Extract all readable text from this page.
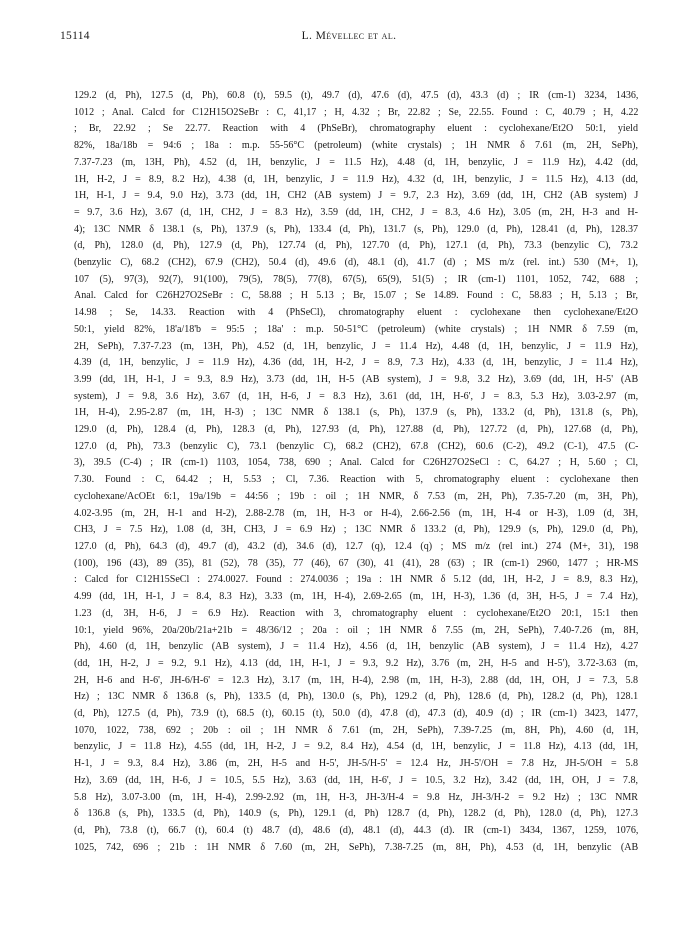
15114	L. Mévellec et al.
129.2 (d, Ph), 127.5 (d, Ph), 60.8 (t), 59.5 (t), 49.7 (d), 47.6 (d), 47.5 (d), 43.3 (d) ; IR (cm-1) 3234, 1436,
1012 ; Anal. Calcd for C12H15O2SeBr : C, 41,17 ; H, 4.32 ; Br, 22.82 ; Se, 22.55. Found : C, 40.79 ; H, 4.22
; Br, 22.92 ; Se 22.77. Reaction with 4 (PhSeBr), chromatography eluent : cyclohexane/Et2O 50:1, yield
82%, 18a/18b = 94:6 ; 18a : m.p. 55-56°C (petroleum) (white crystals) ; 1H NMR δ 7.61 (m, 2H, SePh),
7.37-7.23 (m, 13H, Ph), 4.52 (d, 1H, benzylic, J = 11.5 Hz), 4.48 (d, 1H, benzylic, J = 11.9 Hz), 4.42 (dd,
1H, H-2, J = 8.9, 8.2 Hz), 4.38 (d, 1H, benzylic, J = 11.9 Hz), 4.32 (d, 1H, benzylic, J = 11.5 Hz), 4.13 (dd,
1H, H-1, J = 9.4, 9.0 Hz), 3.73 (dd, 1H, CH2 (AB system) J = 9.7, 2.3 Hz), 3.69 (dd, 1H, CH2 (AB system) J
= 9.7, 3.6 Hz), 3.67 (d, 1H, CH2, J = 8.3 Hz), 3.59 (dd, 1H, CH2, J = 8.3, 4.6 Hz), 3.05 (m, 2H, H-3 and H-
4); 13C NMR δ 138.1 (s, Ph), 137.9 (s, Ph), 133.4 (d, Ph), 131.7 (s, Ph), 129.0 (d, Ph), 128.41 (d, Ph), 128.37
(d, Ph), 128.0 (d, Ph), 127.9 (d, Ph), 127.74 (d, Ph), 127.70 (d, Ph), 127.1 (d, Ph), 73.3 (benzylic C), 73.2
(benzylic C), 68.2 (CH2), 67.9 (CH2), 50.4 (d), 49.6 (d), 48.1 (d), 41.7 (d) ; MS m/z (rel. int.) 530 (M+, 1),
107 (5), 97(3), 92(7), 91(100), 79(5), 78(5), 77(8), 67(5), 65(9), 51(5) ; IR (cm-1) 1101, 1052, 742, 688 ;
Anal. Calcd for C26H27O2SeBr : C, 58.88 ; H 5.13 ; Br, 15.07 ; Se 14.89. Found : C, 58.83 ; H, 5.13 ; Br,
14.98 ; Se, 14.33. Reaction with 4 (PhSeCl), chromatography eluent : cyclohexane then cyclohexane/Et2O
50:1, yield 82%, 18'a/18'b = 95:5 ; 18a' : m.p. 50-51°C (petroleum) (white crystals) ; 1H NMR δ 7.59 (m,
2H, SePh), 7.37-7.23 (m, 13H, Ph), 4.52 (d, 1H, benzylic, J = 11.4 Hz), 4.48 (d, 1H, benzylic, J = 11.9 Hz),
4.39 (d, 1H, benzylic, J = 11.9 Hz), 4.36 (dd, 1H, H-2, J = 8.9, 7.3 Hz), 4.33 (d, 1H, benzylic, J = 11.4 Hz),
3.99 (dd, 1H, H-1, J = 9.3, 8.9 Hz), 3.73 (dd, 1H, H-5 (AB system), J = 9.8, 3.2 Hz), 3.69 (dd, 1H, H-5' (AB
system), J = 9.8, 3.6 Hz), 3.67 (d, 1H, H-6, J = 8.3 Hz), 3.61 (dd, 1H, H-6', J = 8.3, 5.3 Hz), 3.03-2.97 (m,
1H, H-4), 2.95-2.87 (m, 1H, H-3) ; 13C NMR δ 138.1 (s, Ph), 137.9 (s, Ph), 133.2 (d, Ph), 131.8 (s, Ph),
129.0 (d, Ph), 128.4 (d, Ph), 128.3 (d, Ph), 127.93 (d, Ph), 127.88 (d, Ph), 127.72 (d, Ph), 127.68 (d, Ph),
127.0 (d, Ph), 73.3 (benzylic C), 73.1 (benzylic C), 68.2 (CH2), 67.8 (CH2), 60.6 (C-2), 49.2 (C-1), 47.5 (C-
3), 39.5 (C-4) ; IR (cm-1) 1103, 1054, 738, 690 ; Anal. Calcd for C26H27O2SeCl : C, 64.27 ; H, 5.60 ; Cl,
7.30. Found : C, 64.42 ; H, 5.53 ; Cl, 7.36. Reaction with 5, chromatography eluent : cyclohexane then
cyclohexane/AcOEt 6:1, 19a/19b = 44:56 ; 19b : oil ; 1H NMR, δ 7.53 (m, 2H, Ph), 7.35-7.20 (m, 3H, Ph),
4.02-3.95 (m, 2H, H-1 and H-2), 2.88-2.78 (m, 1H, H-3 or H-4), 2.66-2.56 (m, 1H, H-4 or H-3), 1.09 (d, 3H,
CH3, J = 7.5 Hz), 1.08 (d, 3H, CH3, J = 6.9 Hz) ; 13C NMR δ 133.2 (d, Ph), 129.9 (s, Ph), 129.0 (d, Ph),
127.0 (d, Ph), 64.3 (d), 49.7 (d), 43.2 (d), 34.6 (d), 12.7 (q), 12.4 (q) ; MS m/z (rel int.) 274 (M+, 31), 198
(100), 196 (43), 89 (35), 81 (52), 78 (35), 77 (46), 67 (30), 41 (41), 28 (63) ; IR (cm-1) 2960, 1477 ; HR-MS
: Calcd for C12H15SeCl : 274.0027. Found : 274.0036 ; 19a : 1H NMR δ 5.12 (dd, 1H, H-2, J = 8.9, 8.3 Hz),
4.99 (dd, 1H, H-1, J = 8.4, 8.3 Hz), 3.33 (m, 1H, H-4), 2.69-2.65 (m, 1H, H-3), 1.36 (d, 3H, H-5, J = 7.4 Hz),
1.23 (d, 3H, H-6, J = 6.9 Hz). Reaction with 3, chromatography eluent : cyclohexane/Et2O 20:1, 15:1 then
10:1, yield 96%, 20a/20b/21a+21b = 48/36/12 ; 20a : oil ; 1H NMR δ 7.55 (m, 2H, SePh), 7.40-7.26 (m, 8H,
Ph), 4.60 (d, 1H, benzylic (AB system), J = 11.4 Hz), 4.56 (d, 1H, benzylic (AB system), J = 11.4 Hz), 4.27
(dd, 1H, H-2, J = 9.2, 9.1 Hz), 4.13 (dd, 1H, H-1, J = 9.3, 9.2 Hz), 3.76 (m, 2H, H-5 and H-5'), 3.72-3.63 (m,
2H, H-6 and H-6', JH-6/H-6' = 12.3 Hz), 3.17 (m, 1H, H-4), 2.98 (m, 1H, H-3), 2.88 (dd, 1H, OH, J = 7.3, 5.8
Hz) ; 13C NMR δ 136.8 (s, Ph), 133.5 (d, Ph), 130.0 (s, Ph), 129.2 (d, Ph), 128.6 (d, Ph), 128.2 (d, Ph), 128.1
(d, Ph), 127.5 (d, Ph), 73.9 (t), 68.5 (t), 60.15 (t), 50.0 (d), 47.8 (d), 47.3 (d), 40.9 (d) ; IR (cm-1) 3423, 1477,
1070, 1022, 738, 692 ; 20b : oil ; 1H NMR δ 7.61 (m, 2H, SePh), 7.39-7.25 (m, 8H, Ph), 4.60 (d, 1H,
benzylic, J = 11.8 Hz), 4.55 (dd, 1H, H-2, J = 9.2, 8.4 Hz), 4.54 (d, 1H, benzylic, J = 11.8 Hz), 4.13 (dd, 1H,
H-1, J = 9.3, 8.4 Hz), 3.86 (m, 2H, H-5 and H-5', JH-5/H-5' = 12.4 Hz, JH-5'/OH = 7.8 Hz, JH-5/OH = 5.8
Hz), 3.69 (dd, 1H, H-6, J = 10.5, 5.5 Hz), 3.63 (dd, 1H, H-6', J = 10.5, 3.2 Hz), 3.42 (dd, 1H, OH, J = 7.8,
5.8 Hz), 3.07-3.00 (m, 1H, H-4), 2.99-2.92 (m, 1H, H-3, JH-3/H-4 = 9.8 Hz, JH-3/H-2 = 9.2 Hz) ; 13C NMR
δ 136.8 (s, Ph), 133.5 (d, Ph), 140.9 (s, Ph), 129.1 (d, Ph) 128.7 (d, Ph), 128.2 (d, Ph), 128.0 (d, Ph), 127.3
(d, Ph), 73.8 (t), 66.7 (t), 60.4 (t) 48.7 (d), 48.6 (d), 48.1 (d), 44.3 (d). IR (cm-1) 3434, 1367, 1259, 1076,
1025, 742, 696 ; 21b : 1H NMR δ 7.60 (m, 2H, SePh), 7.38-7.25 (m, 8H, Ph), 4.53 (d, 1H, benzylic (AB
